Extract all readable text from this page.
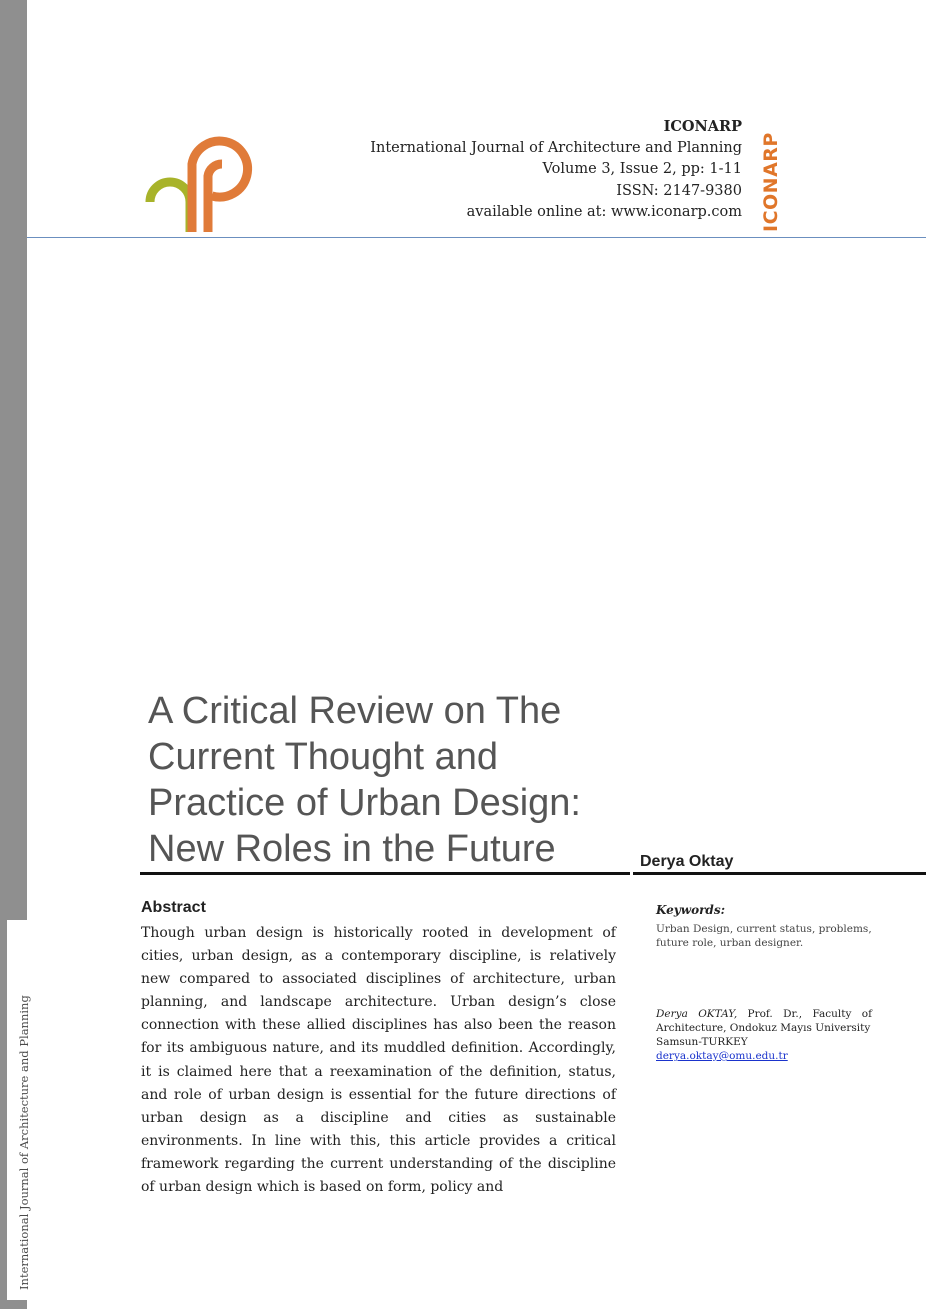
International Journal of Architecture and Planning
ICONARP
International Journal of Architecture and Planning
Volume 3, Issue 2, pp: 1-11
ISSN: 2147-9380
available online at: www.iconarp.com ICONARP
A Critical Review on The Current Thought and Practice of Urban Design: New Roles in the Future	Derya Oktay
Abstract

Though urban design is historically rooted in development of cities, urban design, as a contemporary discipline, is relatively new compared to associated disciplines of architecture, urban planning, and landscape architecture. Urban design’s close connection with these allied disciplines has also been the reason for its ambiguous nature, and its muddled definition. Accordingly, it is claimed here that a reexamination of the definition, status, and role of urban design is essential for the future directions of urban design as a discipline and cities as sustainable environments. In line with this, this article provides a critical framework regarding the current understanding of the discipline of urban design which is based on form, policy and

Keywords:
Urban Design, current status, problems, future role, urban designer.
Derya OKTAY, Prof. Dr., Faculty of
Architecture, Ondokuz Mayıs University
Samsun-TURKEY
derya.oktay@omu.edu.tr
